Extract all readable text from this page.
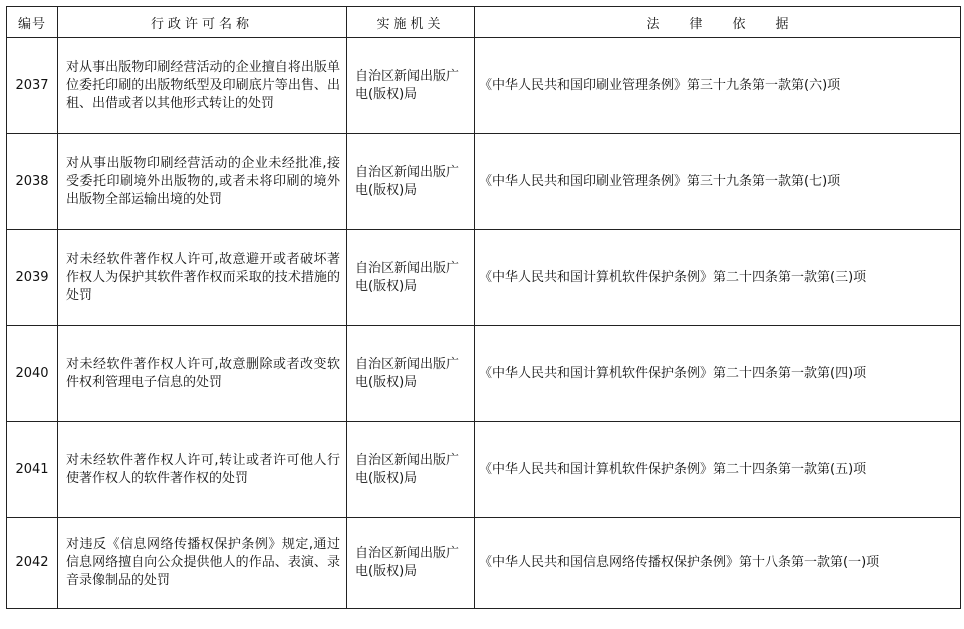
编号	行政许可名称	实施机关	法律依据
2037	对从事出版物印刷经营活动的企业擅自将出版单位委托印刷的出版物纸型及印刷底片等出售、出租、出借或者以其他形式转让的处罚	自治区新闻出版广电(版权)局	《中华人民共和国印刷业管理条例》第三十九条第一款第(六)项
2038	对从事出版物印刷经营活动的企业未经批准,接受委托印刷境外出版物的,或者未将印刷的境外出版物全部运输出境的处罚	自治区新闻出版广电(版权)局	《中华人民共和国印刷业管理条例》第三十九条第一款第(七)项
2039	对未经软件著作权人许可,故意避开或者破坏著作权人为保护其软件著作权而采取的技术措施的处罚	自治区新闻出版广电(版权)局	《中华人民共和国计算机软件保护条例》第二十四条第一款第(三)项
2040	对未经软件著作权人许可,故意删除或者改变软件权利管理电子信息的处罚	自治区新闻出版广电(版权)局	《中华人民共和国计算机软件保护条例》第二十四条第一款第(四)项
2041	对未经软件著作权人许可,转让或者许可他人行使著作权人的软件著作权的处罚	自治区新闻出版广电(版权)局	《中华人民共和国计算机软件保护条例》第二十四条第一款第(五)项
2042	对违反《信息网络传播权保护条例》规定,通过信息网络擅自向公众提供他人的作品、表演、录音录像制品的处罚	自治区新闻出版广电(版权)局	《中华人民共和国信息网络传播权保护条例》第十八条第一款第(一)项
